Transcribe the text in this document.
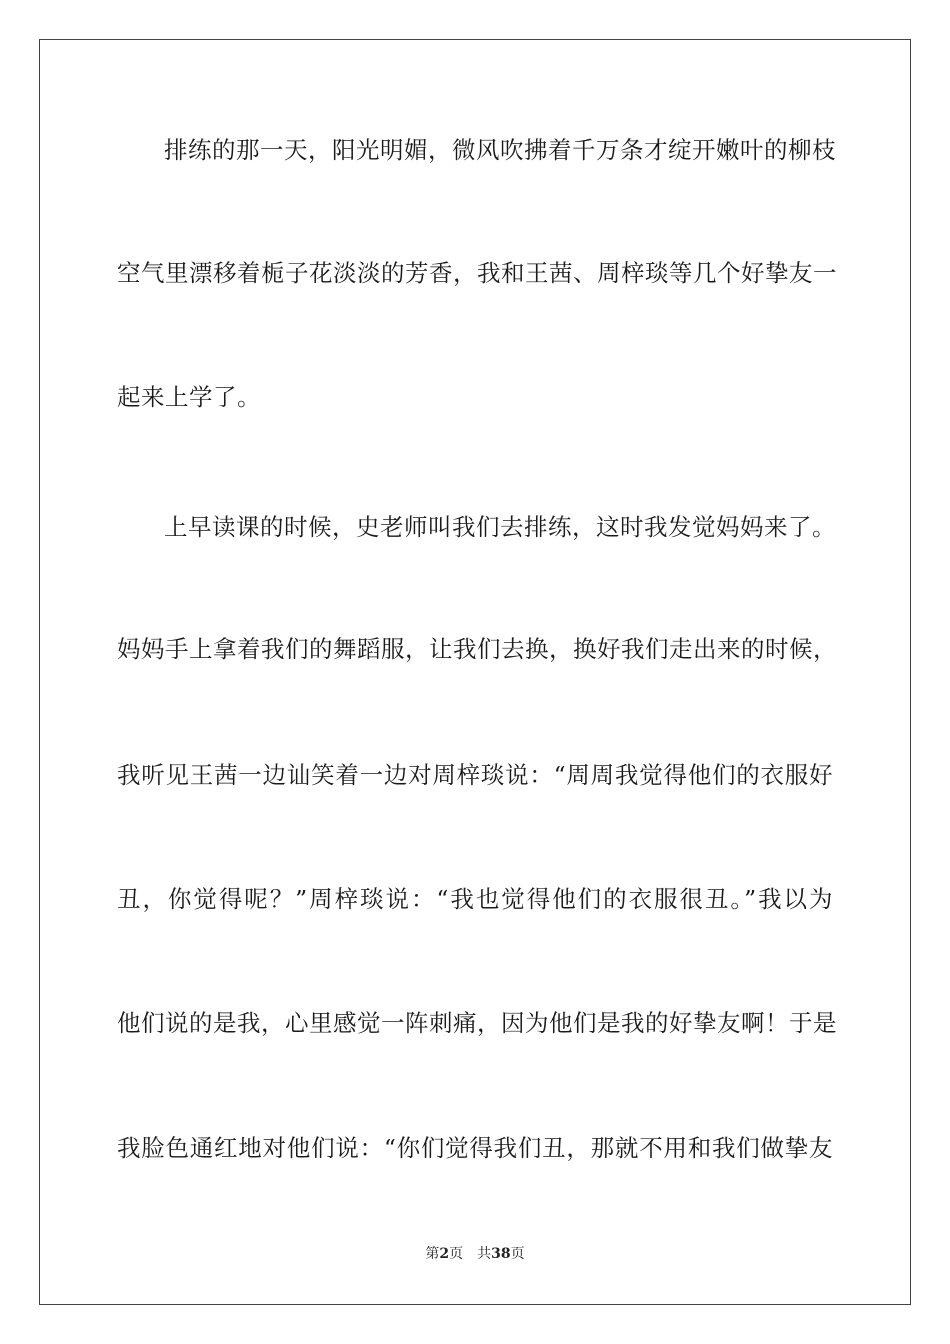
排练的那一天，阳光明媚，微风吹拂着千万条才绽开嫩叶的柳枝
空气里漂移着栀子花淡淡的芳香，我和王茜、周梓琰等几个好挚友一
起来上学了。
上早读课的时候，史老师叫我们去排练，这时我发觉妈妈来了。
妈妈手上拿着我们的舞蹈服，让我们去换，换好我们走出来的时候，
我听见王茜一边讪笑着一边对周梓琰说：“周周我觉得他们的衣服好
丑，你觉得呢？”周梓琰说：“我也觉得他们的衣服很丑。”我以为
他们说的是我，心里感觉一阵刺痛，因为他们是我的好挚友啊！于是
我脸色通红地对他们说：“你们觉得我们丑，那就不用和我们做挚友
第2页 共38页
